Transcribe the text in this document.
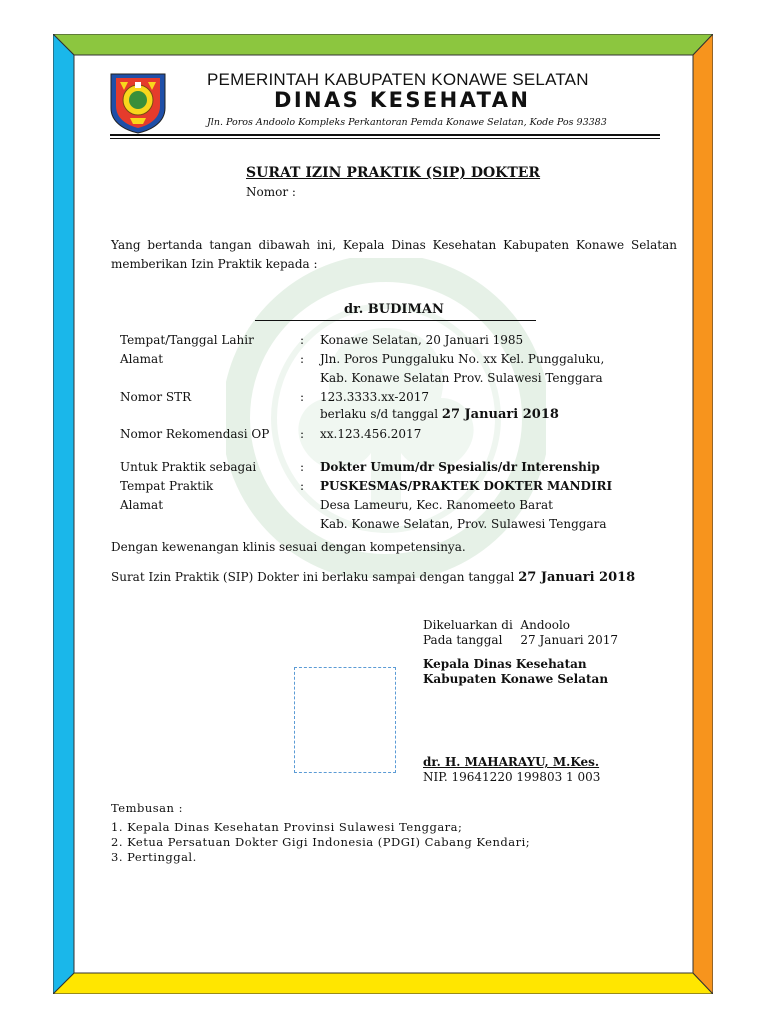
PEMERINTAH KABUPATEN KONAWE SELATAN
DINAS KESEHATAN
Jln. Poros Andoolo Kompleks Perkantoran Pemda Konawe Selatan, Kode Pos 93383
SURAT IZIN PRAKTIK (SIP) DOKTER
Nomor :
Yang bertanda tangan dibawah ini, Kepala Dinas Kesehatan Kabupaten Konawe Selatan memberikan Izin Praktik kepada :
dr. BUDIMAN
Tempat/Tanggal Lahir	: Konawe Selatan, 20 Januari 1985
Alamat	: Jln. Poros Punggaluku No. xx Kel. Punggaluku,
Kab. Konawe Selatan Prov. Sulawesi Tenggara
Nomor STR	: 123.3333.xx-2017
berlaku s/d tanggal 27 Januari 2018
Nomor Rekomendasi OP	: xx.123.456.2017
Untuk Praktik sebagai	: Dokter Umum/dr Spesialis/dr Interenship
Tempat Praktik	: PUSKESMAS/PRAKTEK DOKTER MANDIRI
Alamat	Desa Lameuru, Kec. Ranomeeto Barat
Kab. Konawe Selatan, Prov. Sulawesi Tenggara
Dengan kewenangan klinis sesuai dengan kompetensinya.
Surat Izin Praktik (SIP) Dokter ini berlaku sampai dengan tanggal 27 Januari 2018
Dikeluarkan di Andoolo
Pada tanggal 27 Januari 2017
Kepala Dinas Kesehatan
Kabupaten Konawe Selatan
dr. H. MAHARAYU, M.Kes.
NIP. 19641220 199803 1 003
Tembusan :
1. Kepala Dinas Kesehatan Provinsi Sulawesi Tenggara;
2. Ketua Persatuan Dokter Gigi Indonesia (PDGI) Cabang Kendari;
3. Pertinggal.
